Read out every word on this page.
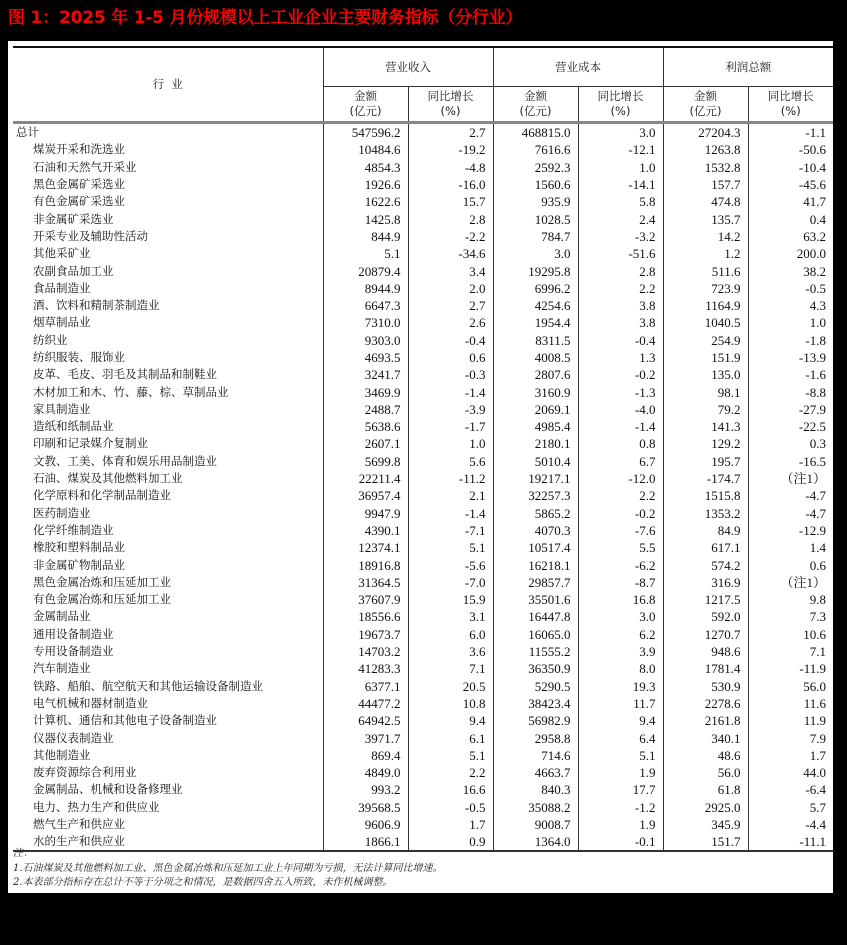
图 1：2025 年 1-5 月份规模以上工业企业主要财务指标（分行业）
行  业	营业收入		营业成本		利润总额	

金额
(亿元)

同比增长
(%)

金额
(亿元)

同比增长
(%)

金额
(亿元)

同比增长
(%)

总计	547596.2	2.7	468815.0	3.0	27204.3	-1.1
煤炭开采和洗选业	10484.6	-19.2	7616.6	-12.1	1263.8	-50.6
石油和天然气开采业	4854.3	-4.8	2592.3	1.0	1532.8	-10.4
黑色金属矿采选业	1926.6	-16.0	1560.6	-14.1	157.7	-45.6
有色金属矿采选业	1622.6	15.7	935.9	5.8	474.8	41.7
非金属矿采选业	1425.8	2.8	1028.5	2.4	135.7	0.4
开采专业及辅助性活动	844.9	-2.2	784.7	-3.2	14.2	63.2
其他采矿业	5.1	-34.6	3.0	-51.6	1.2	200.0
农副食品加工业	20879.4	3.4	19295.8	2.8	511.6	38.2
食品制造业	8944.9	2.0	6996.2	2.2	723.9	-0.5
酒、饮料和精制茶制造业	6647.3	2.7	4254.6	3.8	1164.9	4.3
烟草制品业	7310.0	2.6	1954.4	3.8	1040.5	1.0
纺织业	9303.0	-0.4	8311.5	-0.4	254.9	-1.8
纺织服装、服饰业	4693.5	0.6	4008.5	1.3	151.9	-13.9
皮革、毛皮、羽毛及其制品和制鞋业	3241.7	-0.3	2807.6	-0.2	135.0	-1.6
木材加工和木、竹、藤、棕、草制品业	3469.9	-1.4	3160.9	-1.3	98.1	-8.8
家具制造业	2488.7	-3.9	2069.1	-4.0	79.2	-27.9
造纸和纸制品业	5638.6	-1.7	4985.4	-1.4	141.3	-22.5
印刷和记录媒介复制业	2607.1	1.0	2180.1	0.8	129.2	0.3
文教、工美、体育和娱乐用品制造业	5699.8	5.6	5010.4	6.7	195.7	-16.5
石油、煤炭及其他燃料加工业	22211.4	-11.2	19217.1	-12.0	-174.7	（注1）
化学原料和化学制品制造业	36957.4	2.1	32257.3	2.2	1515.8	-4.7
医药制造业	9947.9	-1.4	5865.2	-0.2	1353.2	-4.7
化学纤维制造业	4390.1	-7.1	4070.3	-7.6	84.9	-12.9
橡胶和塑料制品业	12374.1	5.1	10517.4	5.5	617.1	1.4
非金属矿物制品业	18916.8	-5.6	16218.1	-6.2	574.2	0.6
黑色金属冶炼和压延加工业	31364.5	-7.0	29857.7	-8.7	316.9	（注1）
有色金属冶炼和压延加工业	37607.9	15.9	35501.6	16.8	1217.5	9.8
金属制品业	18556.6	3.1	16447.8	3.0	592.0	7.3
通用设备制造业	19673.7	6.0	16065.0	6.2	1270.7	10.6
专用设备制造业	14703.2	3.6	11555.2	3.9	948.6	7.1
汽车制造业	41283.3	7.1	36350.9	8.0	1781.4	-11.9
铁路、船舶、航空航天和其他运输设备制造业	6377.1	20.5	5290.5	19.3	530.9	56.0
电气机械和器材制造业	44477.2	10.8	38423.4	11.7	2278.6	11.6
计算机、通信和其他电子设备制造业	64942.5	9.4	56982.9	9.4	2161.8	11.9
仪器仪表制造业	3971.7	6.1	2958.8	6.4	340.1	7.9
其他制造业	869.4	5.1	714.6	5.1	48.6	1.7
废弃资源综合利用业	4849.0	2.2	4663.7	1.9	56.0	44.0
金属制品、机械和设备修理业	993.2	16.6	840.3	17.7	61.8	-6.4
电力、热力生产和供应业	39568.5	-0.5	35088.2	-1.2	2925.0	5.7
燃气生产和供应业	9606.9	1.7	9008.7	1.9	345.9	-4.4
水的生产和供应业	1866.1	0.9	1364.0	-0.1	151.7	-11.1
注：
1.石油煤炭及其他燃料加工业、黑色金属冶炼和压延加工业上年同期为亏损，无法计算同比增速。
2.本表部分指标存在总计不等于分项之和情况，是数据四舍五入所致，未作机械调整。
